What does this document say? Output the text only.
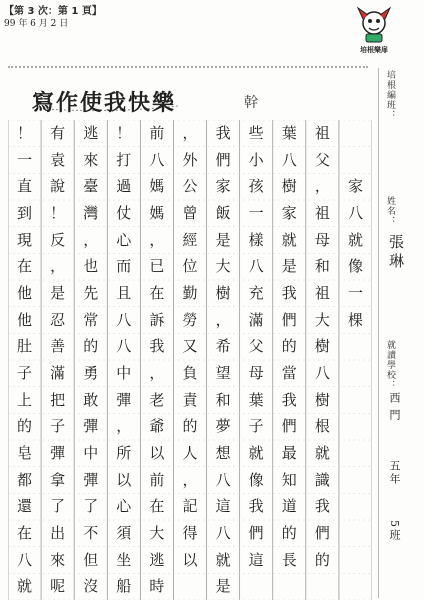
【第 3 次：第 1 頁】
99 年 6 月 2 日
培根樂扉
寫作使我快樂	幹	培根編班：
姓名：
張琳
就讀學校：
西門
五年
5班
！
一
直
到
現
在
他
他
肚
子
上
的
皂
都
還
在
八
就
有
袁
說
！
反
，
是
忍
善
滿
把
子
彈
拿
了
出
來
呢
逃
來
臺
灣
，
也
先
常
的
勇
敢
彈
中
彈
了
不
但
沒
！
打
過
仗
心
而
且
八
八
中
彈
，
所
以
心
須
坐
船
前
八
媽
媽
，
已
在
訴
我
，
老
爺
以
前
在
大
逃
時
，
外
公
曾
經
位
勤
勞
又
負
責
的
人
，
記
得
以
我
們
家
飯
是
大
樹
，
希
望
和
夢
想
八
這
八
就
是
些
小
孩
一
樣
八
充
滿
父
母
葉
子
就
像
我
們
這
葉
八
樹
家
就
是
我
們
的
當
我
們
最
知
道
的
長
祖
父
，
祖
母
和
祖
大
樹
八
樹
根
就
識
我
們
的
家
八
就
像
一
棵
